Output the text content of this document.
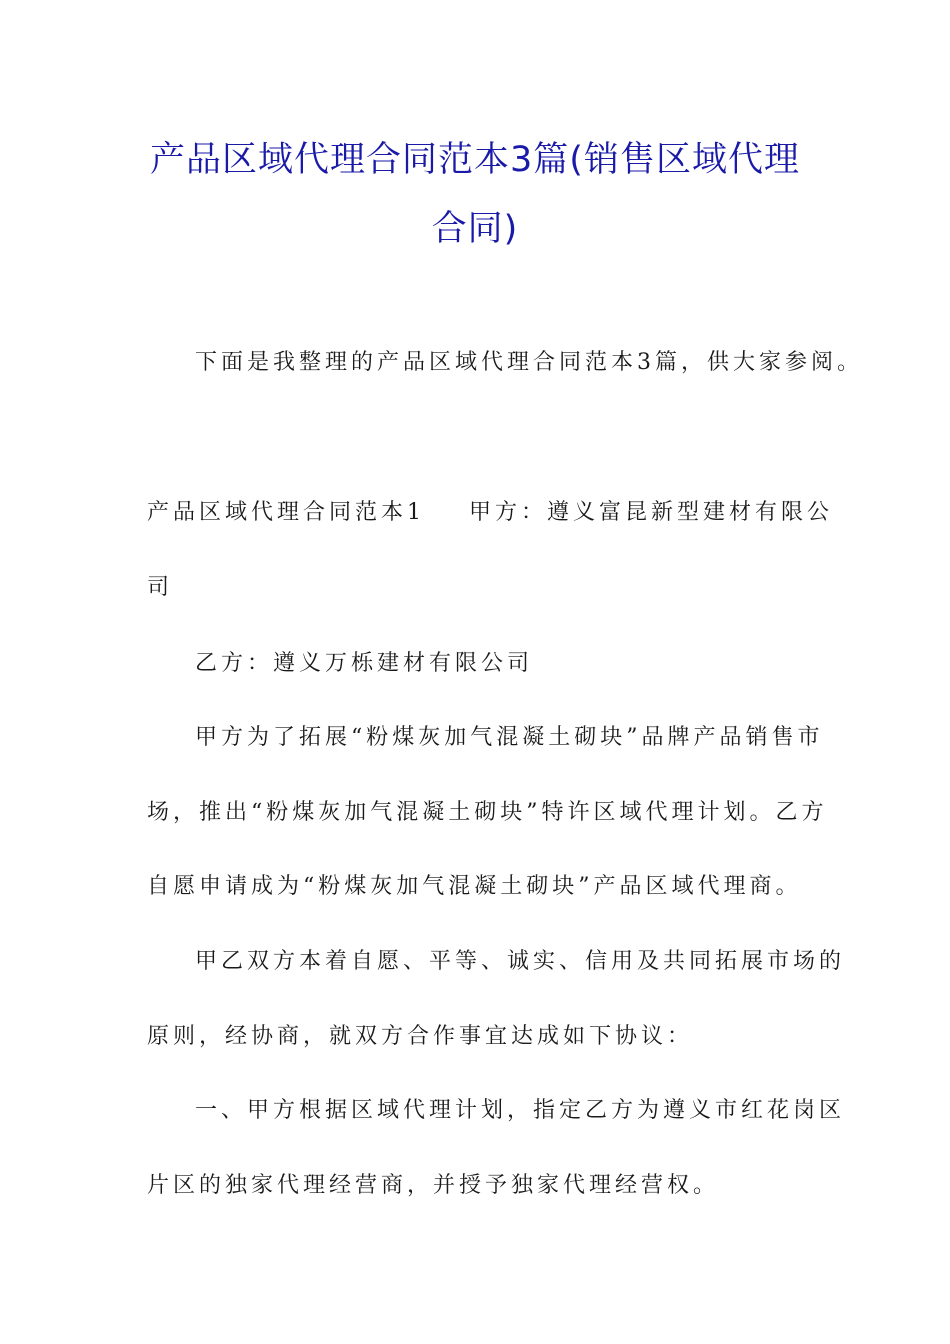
产品区域代理合同范本3篇(销售区域代理
合同)

下面是我整理的产品区域代理合同范本3篇，供大家参阅。

产品区域代理合同范本1 甲方：遵义富昆新型建材有限公

司

乙方：遵义万栎建材有限公司

甲方为了拓展“粉煤灰加气混凝土砌块”品牌产品销售市

场，推出“粉煤灰加气混凝土砌块”特许区域代理计划。乙方

自愿申请成为“粉煤灰加气混凝土砌块”产品区域代理商。

甲乙双方本着自愿、平等、诚实、信用及共同拓展市场的

原则，经协商，就双方合作事宜达成如下协议：

一、甲方根据区域代理计划，指定乙方为遵义市红花岗区

片区的独家代理经营商，并授予独家代理经营权。
